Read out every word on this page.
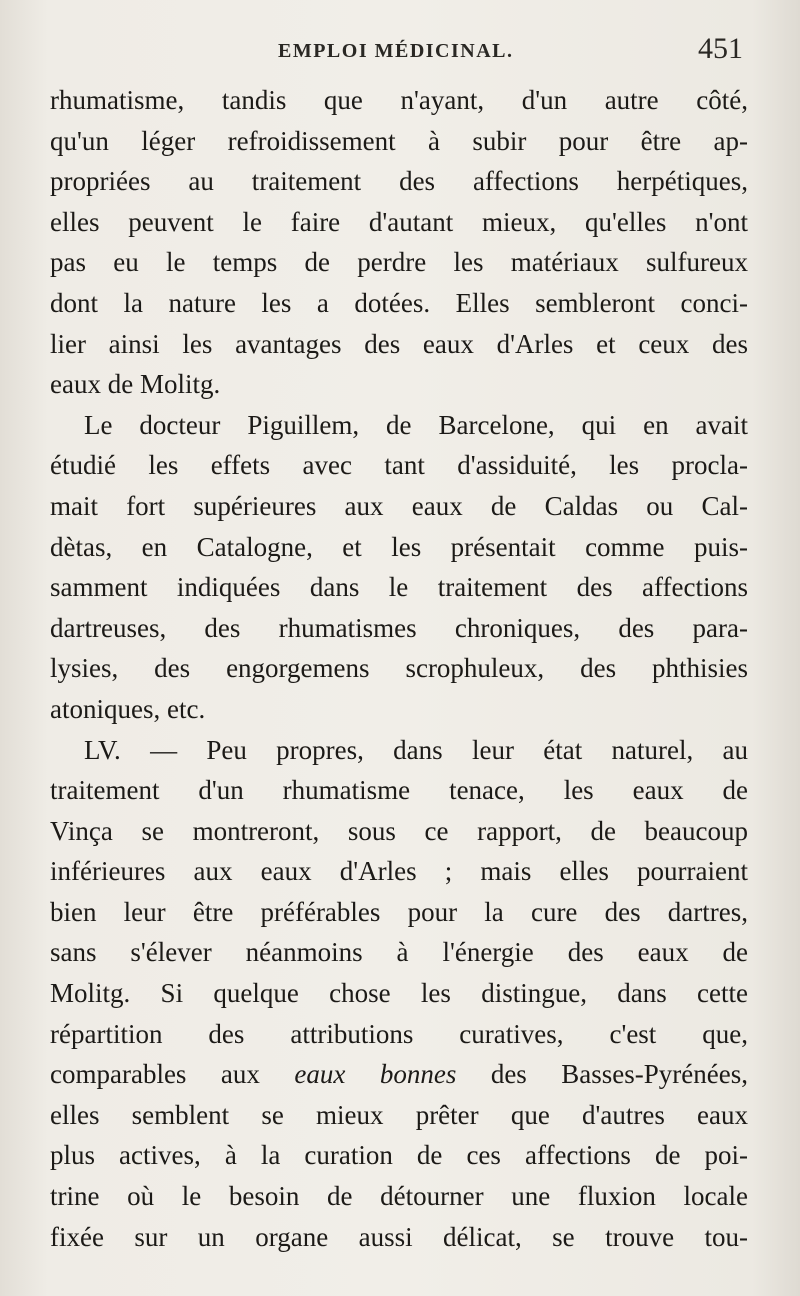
EMPLOI MÉDICINAL.	451
rhumatisme, tandis que n'ayant, d'un autre côté,
qu'un léger refroidissement à subir pour être ap-
propriées au traitement des affections herpétiques,
elles peuvent le faire d'autant mieux, qu'elles n'ont
pas eu le temps de perdre les matériaux sulfureux
dont la nature les a dotées. Elles sembleront conci-
lier ainsi les avantages des eaux d'Arles et ceux des
eaux de Molitg.
Le docteur Piguillem, de Barcelone, qui en avait
étudié les effets avec tant d'assiduité, les procla-
mait fort supérieures aux eaux de Caldas ou Cal-
dètas, en Catalogne, et les présentait comme puis-
samment indiquées dans le traitement des affections
dartreuses, des rhumatismes chroniques, des para-
lysies, des engorgemens scrophuleux, des phthisies
atoniques, etc.
LV. — Peu propres, dans leur état naturel, au
traitement d'un rhumatisme tenace, les eaux de
Vinça se montreront, sous ce rapport, de beaucoup
inférieures aux eaux d'Arles ; mais elles pourraient
bien leur être préférables pour la cure des dartres,
sans s'élever néanmoins à l'énergie des eaux de
Molitg. Si quelque chose les distingue, dans cette
répartition des attributions curatives, c'est que,
comparables aux eaux bonnes des Basses-Pyrénées,
elles semblent se mieux prêter que d'autres eaux
plus actives, à la curation de ces affections de poi-
trine où le besoin de détourner une fluxion locale
fixée sur un organe aussi délicat, se trouve tou-
